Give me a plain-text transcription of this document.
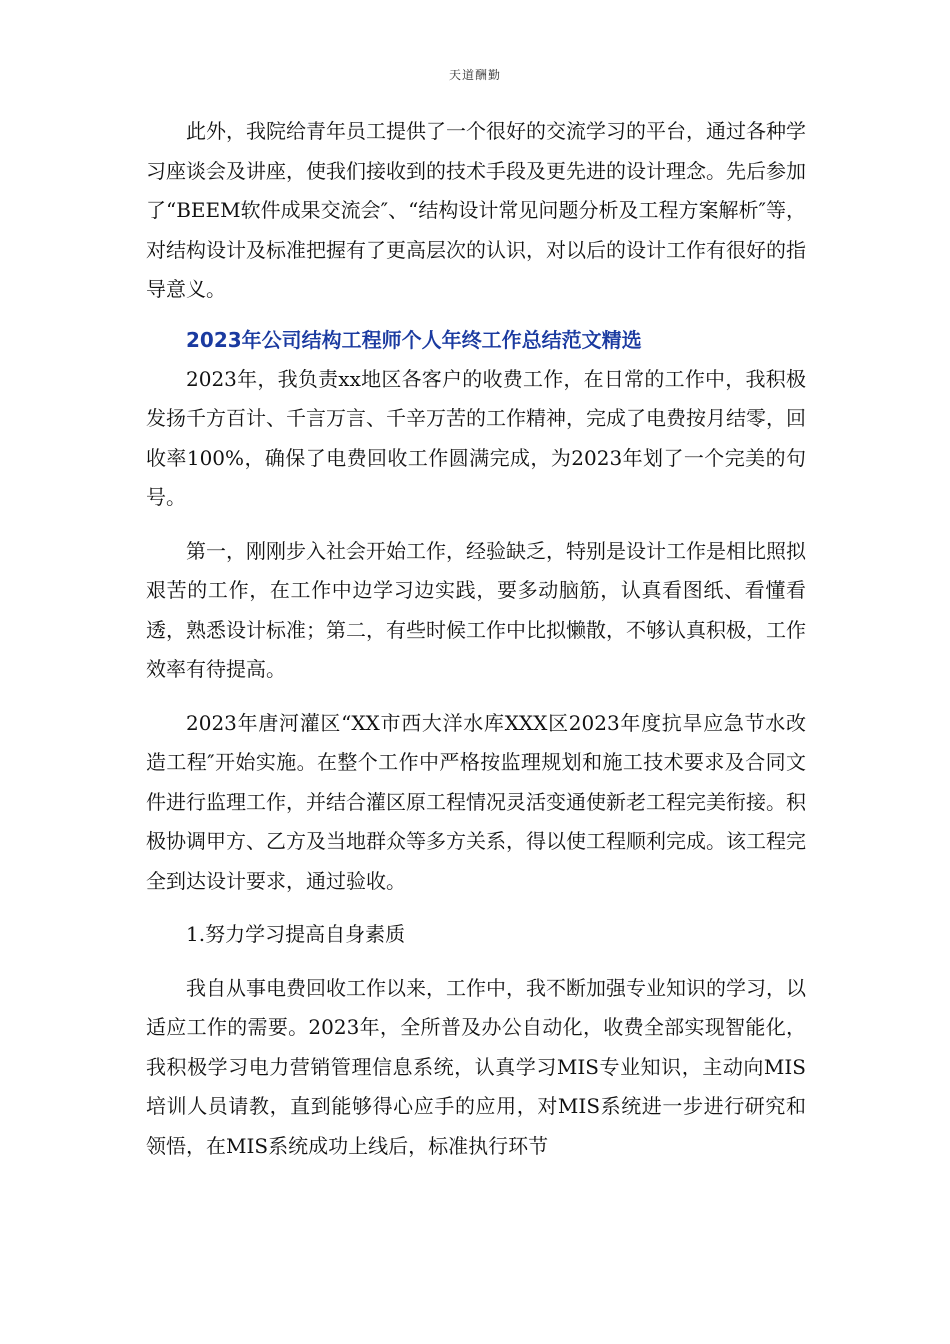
天道酬勤

此外，我院给青年员工提供了一个很好的交流学习的平台，通过各种学习座谈会及讲座，使我们接收到的技术手段及更先进的设计理念。先后参加了“BEEM软件成果交流会″、“结构设计常见问题分析及工程方案解析″等，对结构设计及标准把握有了更高层次的认识，对以后的设计工作有很好的指导意义。

2023年公司结构工程师个人年终工作总结范文精选

2023年，我负责xx地区各客户的收费工作，在日常的工作中，我积极发扬千方百计、千言万言、千辛万苦的工作精神，完成了电费按月结零，回收率100%，确保了电费回收工作圆满完成，为2023年划了一个完美的句号。

第一，刚刚步入社会开始工作，经验缺乏，特别是设计工作是相比照拟艰苦的工作，在工作中边学习边实践，要多动脑筋，认真看图纸、看懂看透，熟悉设计标准；第二，有些时候工作中比拟懒散，不够认真积极，工作效率有待提高。

2023年唐河灌区“XX市西大洋水库XXX区2023年度抗旱应急节水改造工程″开始实施。在整个工作中严格按监理规划和施工技术要求及合同文件进行监理工作，并结合灌区原工程情况灵活变通使新老工程完美衔接。积极协调甲方、乙方及当地群众等多方关系，得以使工程顺利完成。该工程完全到达设计要求，通过验收。

1.努力学习提高自身素质

我自从事电费回收工作以来，工作中，我不断加强专业知识的学习，以适应工作的需要。2023年，全所普及办公自动化，收费全部实现智能化，我积极学习电力营销管理信息系统，认真学习MIS专业知识，主动向MIS培训人员请教，直到能够得心应手的应用，对MIS系统进一步进行研究和领悟，在MIS系统成功上线后，标准执行环节
